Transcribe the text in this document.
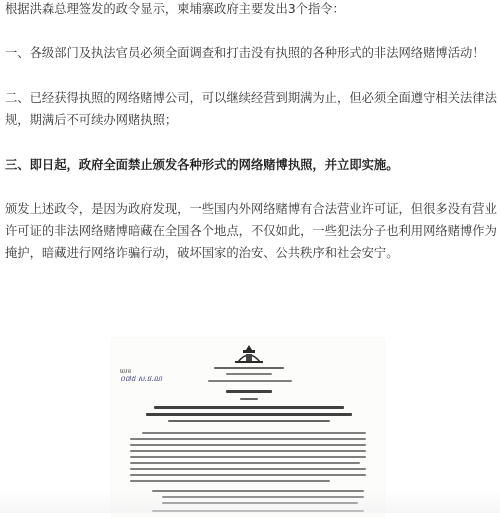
根据洪森总理签发的政令显示，柬埔寨政府主要发出3个指令：

一、各级部门及执法官员必须全面调查和打击没有执照的各种形式的非法网络赌博活动！

二、已经获得执照的网络赌博公司，可以继续经营到期满为止，但必须全面遵守相关法律法
规，期满后不可续办网赌执照；

三、即日起，政府全面禁止颁发各种形式的网络赌博执照，并立即实施。

颁发上述政令，是因为政府发现，一些国内外网络赌博有合法营业许可证，但很多没有营业
许可证的非法网络赌博暗藏在全国各个地点，不仅如此，一些犯法分子也利用网络赌博作为
掩护，暗藏进行网络诈骗行动，破坏国家的治安、公共秩序和社会安宁。

លេខ
០៧៥ ស.ជ.ណ
